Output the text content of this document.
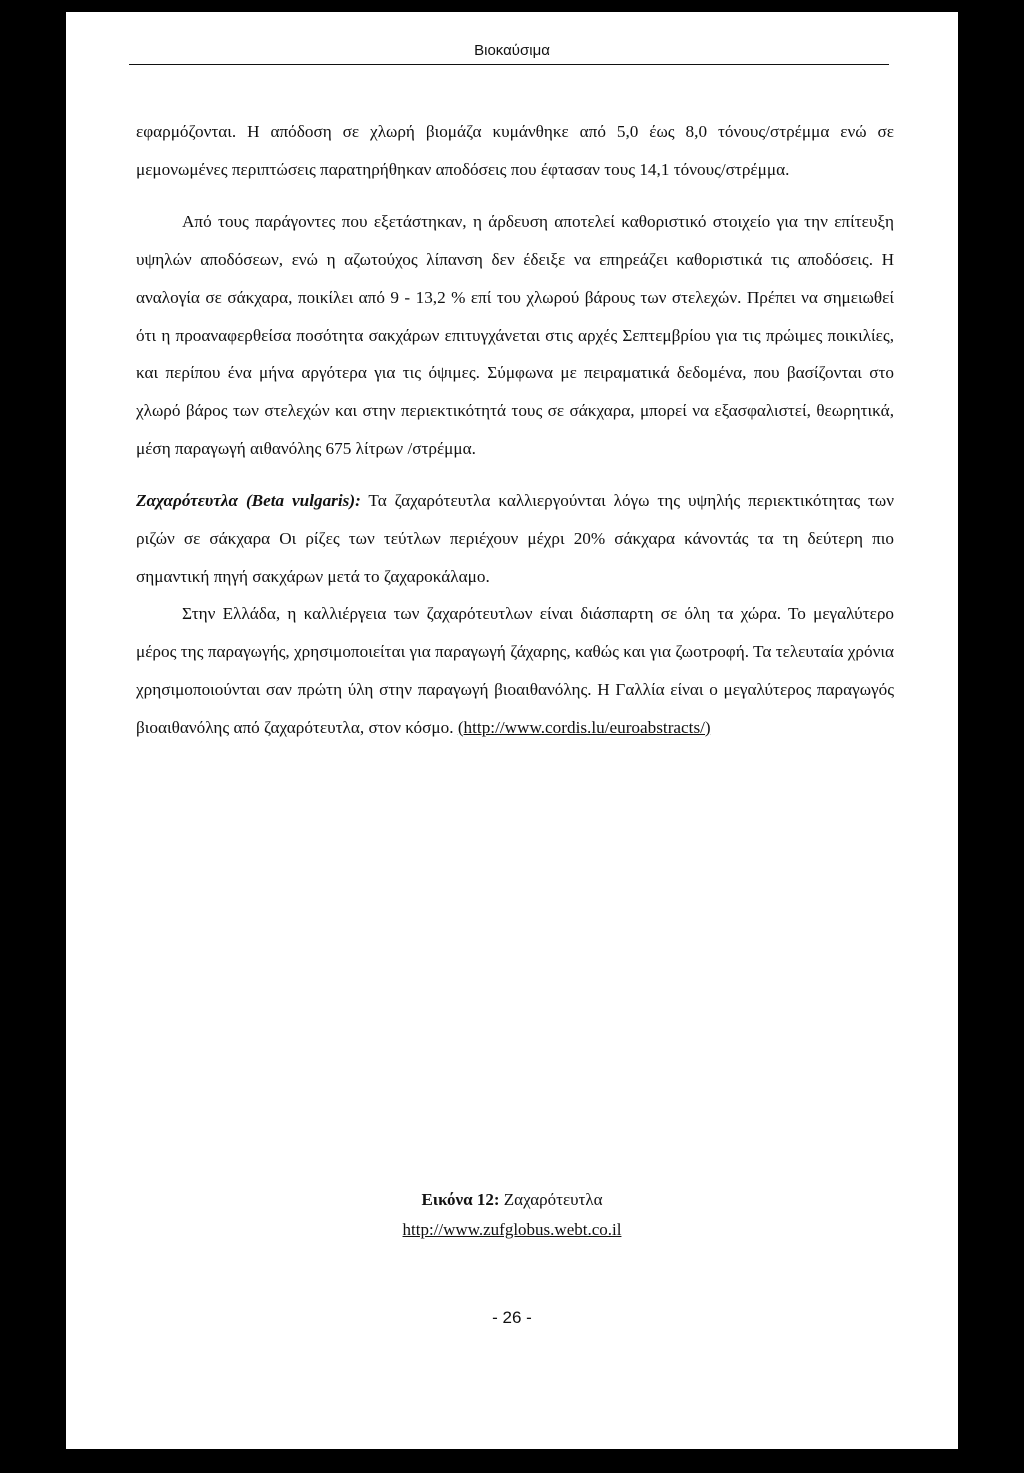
Βιοκαύσιμα

εφαρμόζονται. Η απόδοση σε χλωρή βιομάζα κυμάνθηκε από 5,0 έως 8,0 τόνους/στρέμμα ενώ σε μεμονωμένες περιπτώσεις παρατηρήθηκαν αποδόσεις που έφτασαν τους 14,1 τόνους/στρέμμα.

Από τους παράγοντες που εξετάστηκαν, η άρδευση αποτελεί καθοριστικό στοιχείο για την επίτευξη υψηλών αποδόσεων, ενώ η αζωτούχος λίπανση δεν έδειξε να επηρεάζει καθοριστικά τις αποδόσεις. Η αναλογία σε σάκχαρα, ποικίλει από 9 - 13,2 % επί του χλωρού βάρους των στελεχών. Πρέπει να σημειωθεί ότι η προαναφερθείσα ποσότητα σακχάρων επιτυγχάνεται στις αρχές Σεπτεμβρίου για τις πρώιμες ποικιλίες, και περίπου ένα μήνα αργότερα για τις όψιμες. Σύμφωνα με πειραματικά δεδομένα, που βασίζονται στο χλωρό βάρος των στελεχών και στην περιεκτικότητά τους σε σάκχαρα, μπορεί να εξασφαλιστεί, θεωρητικά, μέση παραγωγή αιθανόλης 675 λίτρων /στρέμμα.

Ζαχαρότευτλα (Beta vulgaris): Τα ζαχαρότευτλα καλλιεργούνται λόγω της υψηλής περιεκτικότητας των ριζών σε σάκχαρα Οι ρίζες των τεύτλων περιέχουν μέχρι 20% σάκχαρα κάνοντάς τα τη δεύτερη πιο σημαντική πηγή σακχάρων μετά το ζαχαροκάλαμο.

Στην Ελλάδα, η καλλιέργεια των ζαχαρότευτλων είναι διάσπαρτη σε όλη τα χώρα. Το μεγαλύτερο μέρος της παραγωγής, χρησιμοποιείται για παραγωγή ζάχαρης, καθώς και για ζωοτροφή. Τα τελευταία χρόνια χρησιμοποιούνται σαν πρώτη ύλη στην παραγωγή βιοαιθανόλης. Η Γαλλία είναι ο μεγαλύτερος παραγωγός βιοαιθανόλης από ζαχαρότευτλα, στον κόσμο. (http://www.cordis.lu/euroabstracts/)

Εικόνα 12: Ζαχαρότευτλα
http://www.zufglobus.webt.co.il
- 26 -
